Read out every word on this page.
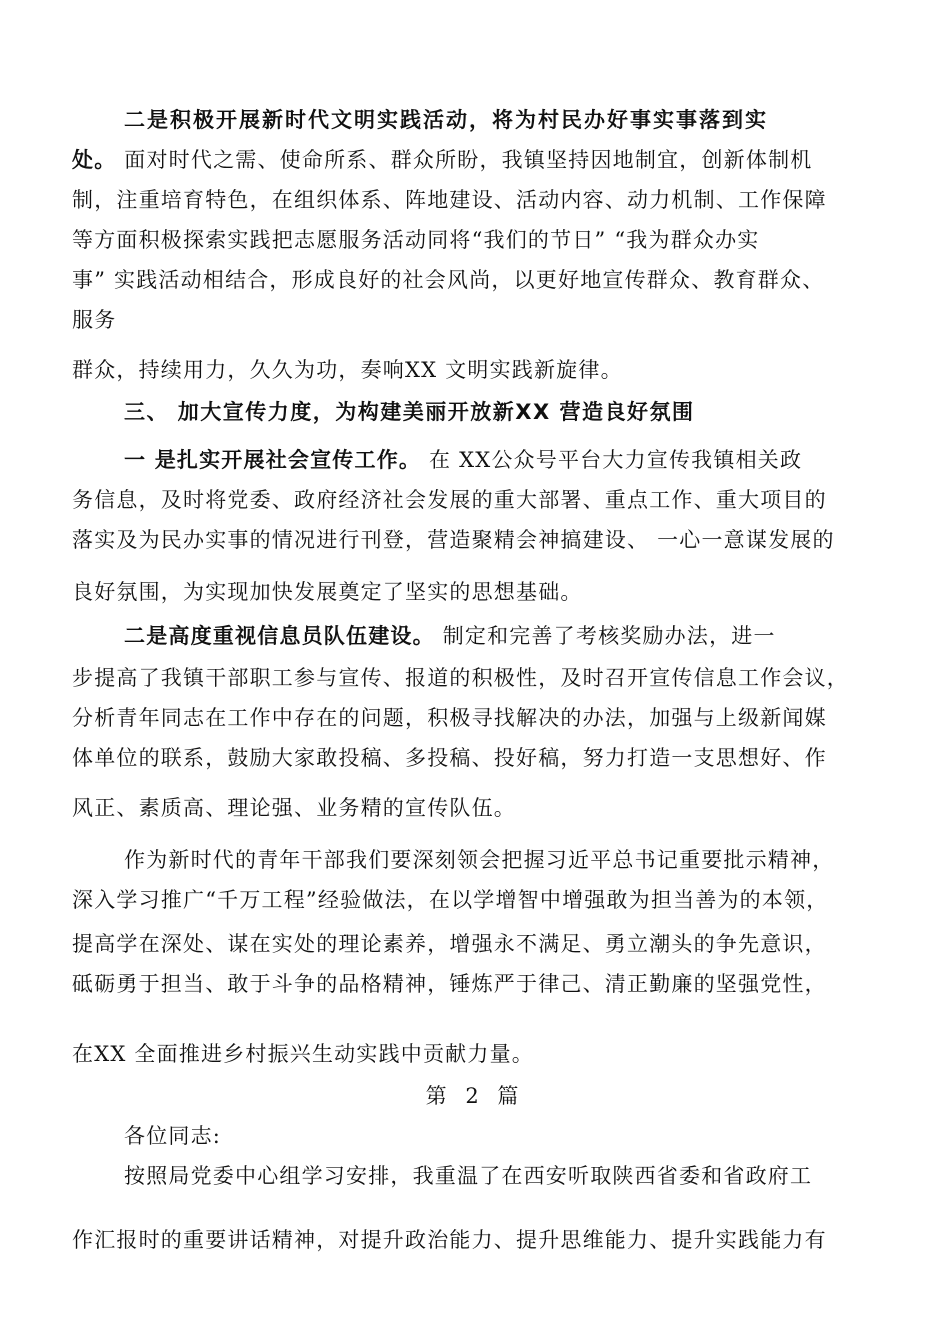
二是积极开展新时代文明实践活动，将为村民办好事实事落到实
处。 面对时代之需、使命所系、群众所盼，我镇坚持因地制宜，创新体制机
制，注重培育特色，在组织体系、阵地建设、活动内容、动力机制、工作保障
等方面积极探索实践把志愿服务活动同将“我们的节日” “我为群众办实
事” 实践活动相结合，形成良好的社会风尚，以更好地宣传群众、教育群众、
服务
群众，持续用力，久久为功，奏响XX 文明实践新旋律。
三、 加大宣传力度，为构建美丽开放新XX 营造良好氛围
一 是扎实开展社会宣传工作。 在 XX公众号平台大力宣传我镇相关政
务信息，及时将党委、政府经济社会发展的重大部署、重点工作、重大项目的
落实及为民办实事的情况进行刊登，营造聚精会神搞建设、 一心一意谋发展的
良好氛围，为实现加快发展奠定了坚实的思想基础。
二是高度重视信息员队伍建设。 制定和完善了考核奖励办法，进一
步提高了我镇干部职工参与宣传、报道的积极性，及时召开宣传信息工作会议，
分析青年同志在工作中存在的问题，积极寻找解决的办法，加强与上级新闻媒
体单位的联系，鼓励大家敢投稿、多投稿、投好稿，努力打造一支思想好、作
风正、素质高、理论强、业务精的宣传队伍。
作为新时代的青年干部我们要深刻领会把握习近平总书记重要批示精神，
深入学习推广“千万工程”经验做法，在以学增智中增强敢为担当善为的本领，
提高学在深处、谋在实处的理论素养，增强永不满足、勇立潮头的争先意识，
砥砺勇于担当、敢于斗争的品格精神，锤炼严于律己、清正勤廉的坚强党性，
在XX 全面推进乡村振兴生动实践中贡献力量。
第 2 篇
各位同志:
按照局党委中心组学习安排，我重温了在西安听取陕西省委和省政府工
作汇报时的重要讲话精神，对提升政治能力、提升思维能力、提升实践能力有
